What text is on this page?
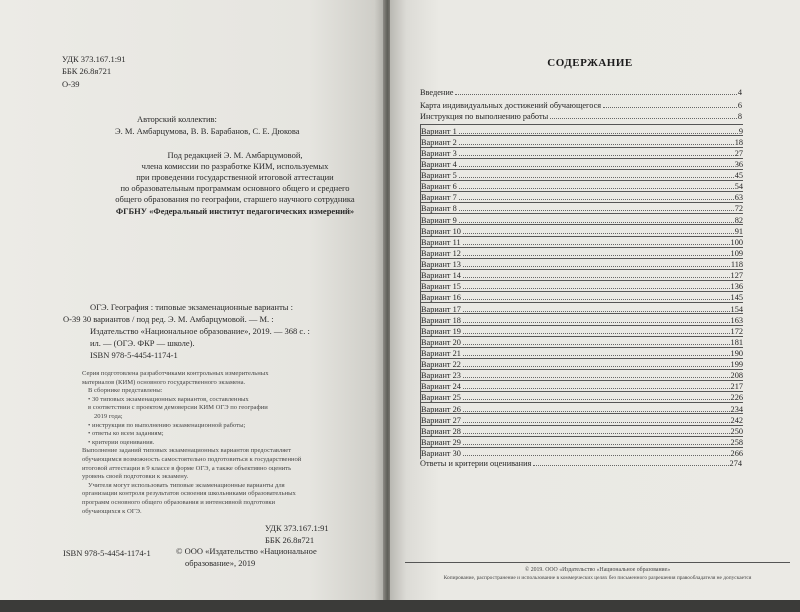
УДК 373.167.1:91
ББК 26.8я721
О-39
Авторский коллектив:
Э. М. Амбарцумова, В. В. Барабанов, С. Е. Дюкова
Под редакцией Э. М. Амбарцумовой,
члена комиссии по разработке КИМ, используемых
при проведении государственной итоговой аттестации
по образовательным программам основного общего и среднего
общего образования по географии, старшего научного сотрудника
ФГБНУ «Федеральный институт педагогических измерений»
ОГЭ. География : типовые экзаменационные варианты :
О-39 30 вариантов / под ред. Э. М. Амбарцумовой. — М. :
Издательство «Национальное образование», 2019. — 368 с. :
ил. — (ОГЭ. ФКР — школе).
ISBN 978-5-4454-1174-1
Серия подготовлена разработчиками контрольных измерительных
материалов (КИМ) основного государственного экзамена.
В сборнике представлены:
• 30 типовых экзаменационных вариантов, составленных
в соответствии с проектом демоверсии КИМ ОГЭ по географии
2019 года;
• инструкция по выполнению экзаменационной работы;
• ответы ко всем заданиям;
• критерии оценивания.
Выполнение заданий типовых экзаменационных вариантов предоставляет
обучающимся возможность самостоятельно подготовиться к государственной
итоговой аттестации в 9 классе в форме ОГЭ, а также объективно оценить
уровень своей подготовки к экзамену.
Учителя могут использовать типовые экзаменационные варианты для
организации контроля результатов освоения школьниками образовательных
программ основного общего образования и интенсивной подготовки
обучающихся к ОГЭ.
УДК 373.167.1:91
ББК 26.8я721
ISBN 978-5-4454-1174-1	© ООО «Издательство «Национальное
образование», 2019
СОДЕРЖАНИЕ
Введение	4
Карта индивидуальных достижений обучающегося	6
Инструкция по выполнению работы	8
Вариант 1	9
Вариант 2	18
Вариант 3	27
Вариант 4	36
Вариант 5	45
Вариант 6	54
Вариант 7	63
Вариант 8	72
Вариант 9	82
Вариант 10	91
Вариант 11	100
Вариант 12	109
Вариант 13	118
Вариант 14	127
Вариант 15	136
Вариант 16	145
Вариант 17	154
Вариант 18	163
Вариант 19	172
Вариант 20	181
Вариант 21	190
Вариант 22	199
Вариант 23	208
Вариант 24	217
Вариант 25	226
Вариант 26	234
Вариант 27	242
Вариант 28	250
Вариант 29	258
Вариант 30	266
Ответы и критерии оценивания	274
© 2019. ООО «Издательство «Национальное образование»
Копирование, распространение и использование в коммерческих целях без письменного разрешения правообладателя не допускается
